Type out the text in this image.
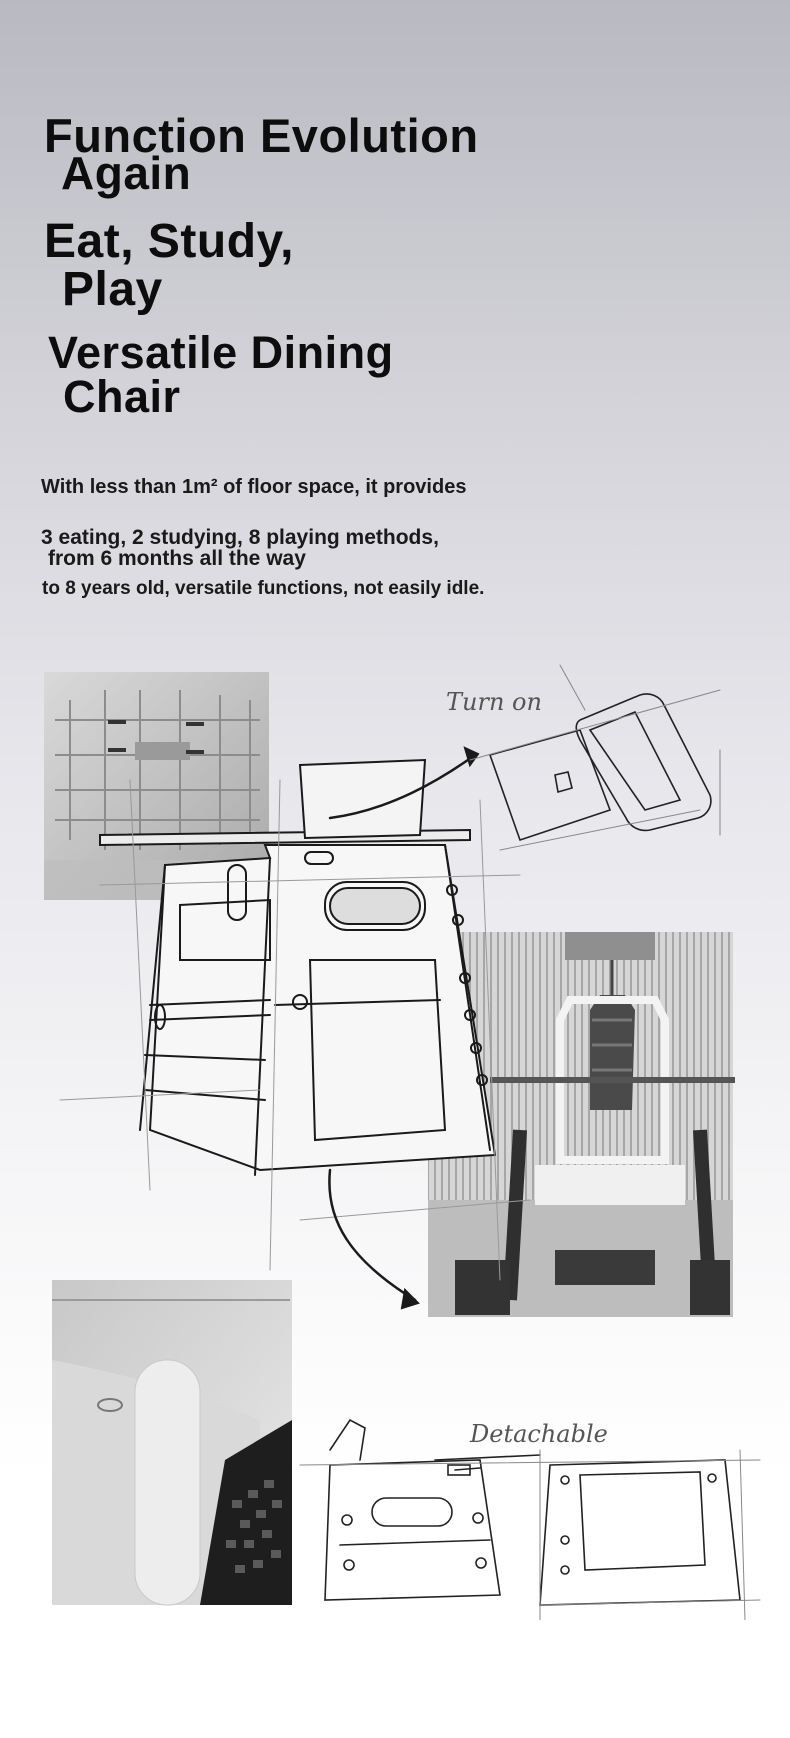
Function Evolution
Again
Eat, Study,
Play
Versatile Dining
Chair

With less than 1m² of floor space, it provides

3 eating, 2 studying, 8 playing methods,

from 6 months all the way

to 8 years old, versatile functions, not easily idle.

Turn on
Detachable
